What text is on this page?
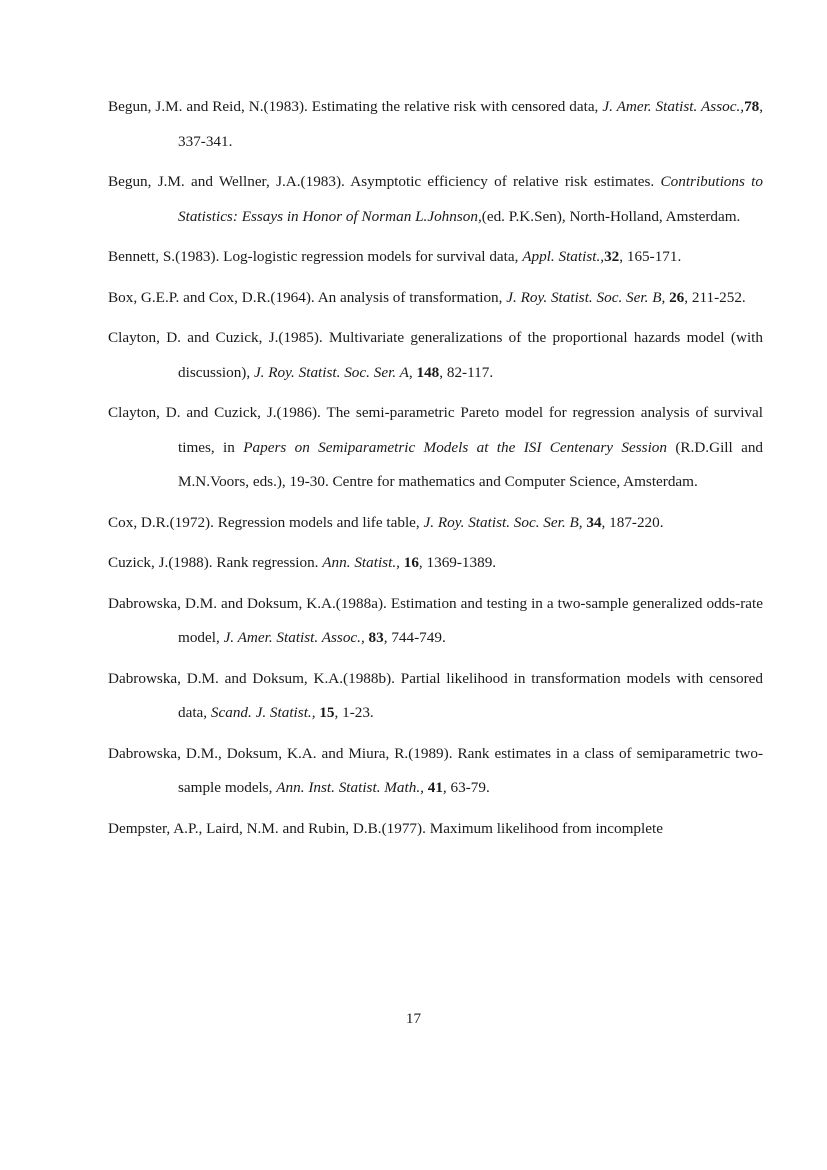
Begun, J.M. and Reid, N.(1983). Estimating the relative risk with censored data, J. Amer. Statist. Assoc.,78, 337-341.

Begun, J.M. and Wellner, J.A.(1983). Asymptotic efficiency of relative risk estimates. Contributions to Statistics: Essays in Honor of Norman L.Johnson,(ed. P.K.Sen), North-Holland, Amsterdam.

Bennett, S.(1983). Log-logistic regression models for survival data, Appl. Statist.,32, 165-171.

Box, G.E.P. and Cox, D.R.(1964). An analysis of transformation, J. Roy. Statist. Soc. Ser. B, 26, 211-252.

Clayton, D. and Cuzick, J.(1985). Multivariate generalizations of the proportional hazards model (with discussion), J. Roy. Statist. Soc. Ser. A, 148, 82-117.

Clayton, D. and Cuzick, J.(1986). The semi-parametric Pareto model for regression analysis of survival times, in Papers on Semiparametric Models at the ISI Centenary Session (R.D.Gill and M.N.Voors, eds.), 19-30. Centre for mathematics and Computer Science, Amsterdam.

Cox, D.R.(1972). Regression models and life table, J. Roy. Statist. Soc. Ser. B, 34, 187-220.

Cuzick, J.(1988). Rank regression. Ann. Statist., 16, 1369-1389.

Dabrowska, D.M. and Doksum, K.A.(1988a). Estimation and testing in a two-sample generalized odds-rate model, J. Amer. Statist. Assoc., 83, 744-749.

Dabrowska, D.M. and Doksum, K.A.(1988b). Partial likelihood in transformation models with censored data, Scand. J. Statist., 15, 1-23.

Dabrowska, D.M., Doksum, K.A. and Miura, R.(1989). Rank estimates in a class of semiparametric two-sample models, Ann. Inst. Statist. Math., 41, 63-79.

Dempster, A.P., Laird, N.M. and Rubin, D.B.(1977). Maximum likelihood from incomplete

17
